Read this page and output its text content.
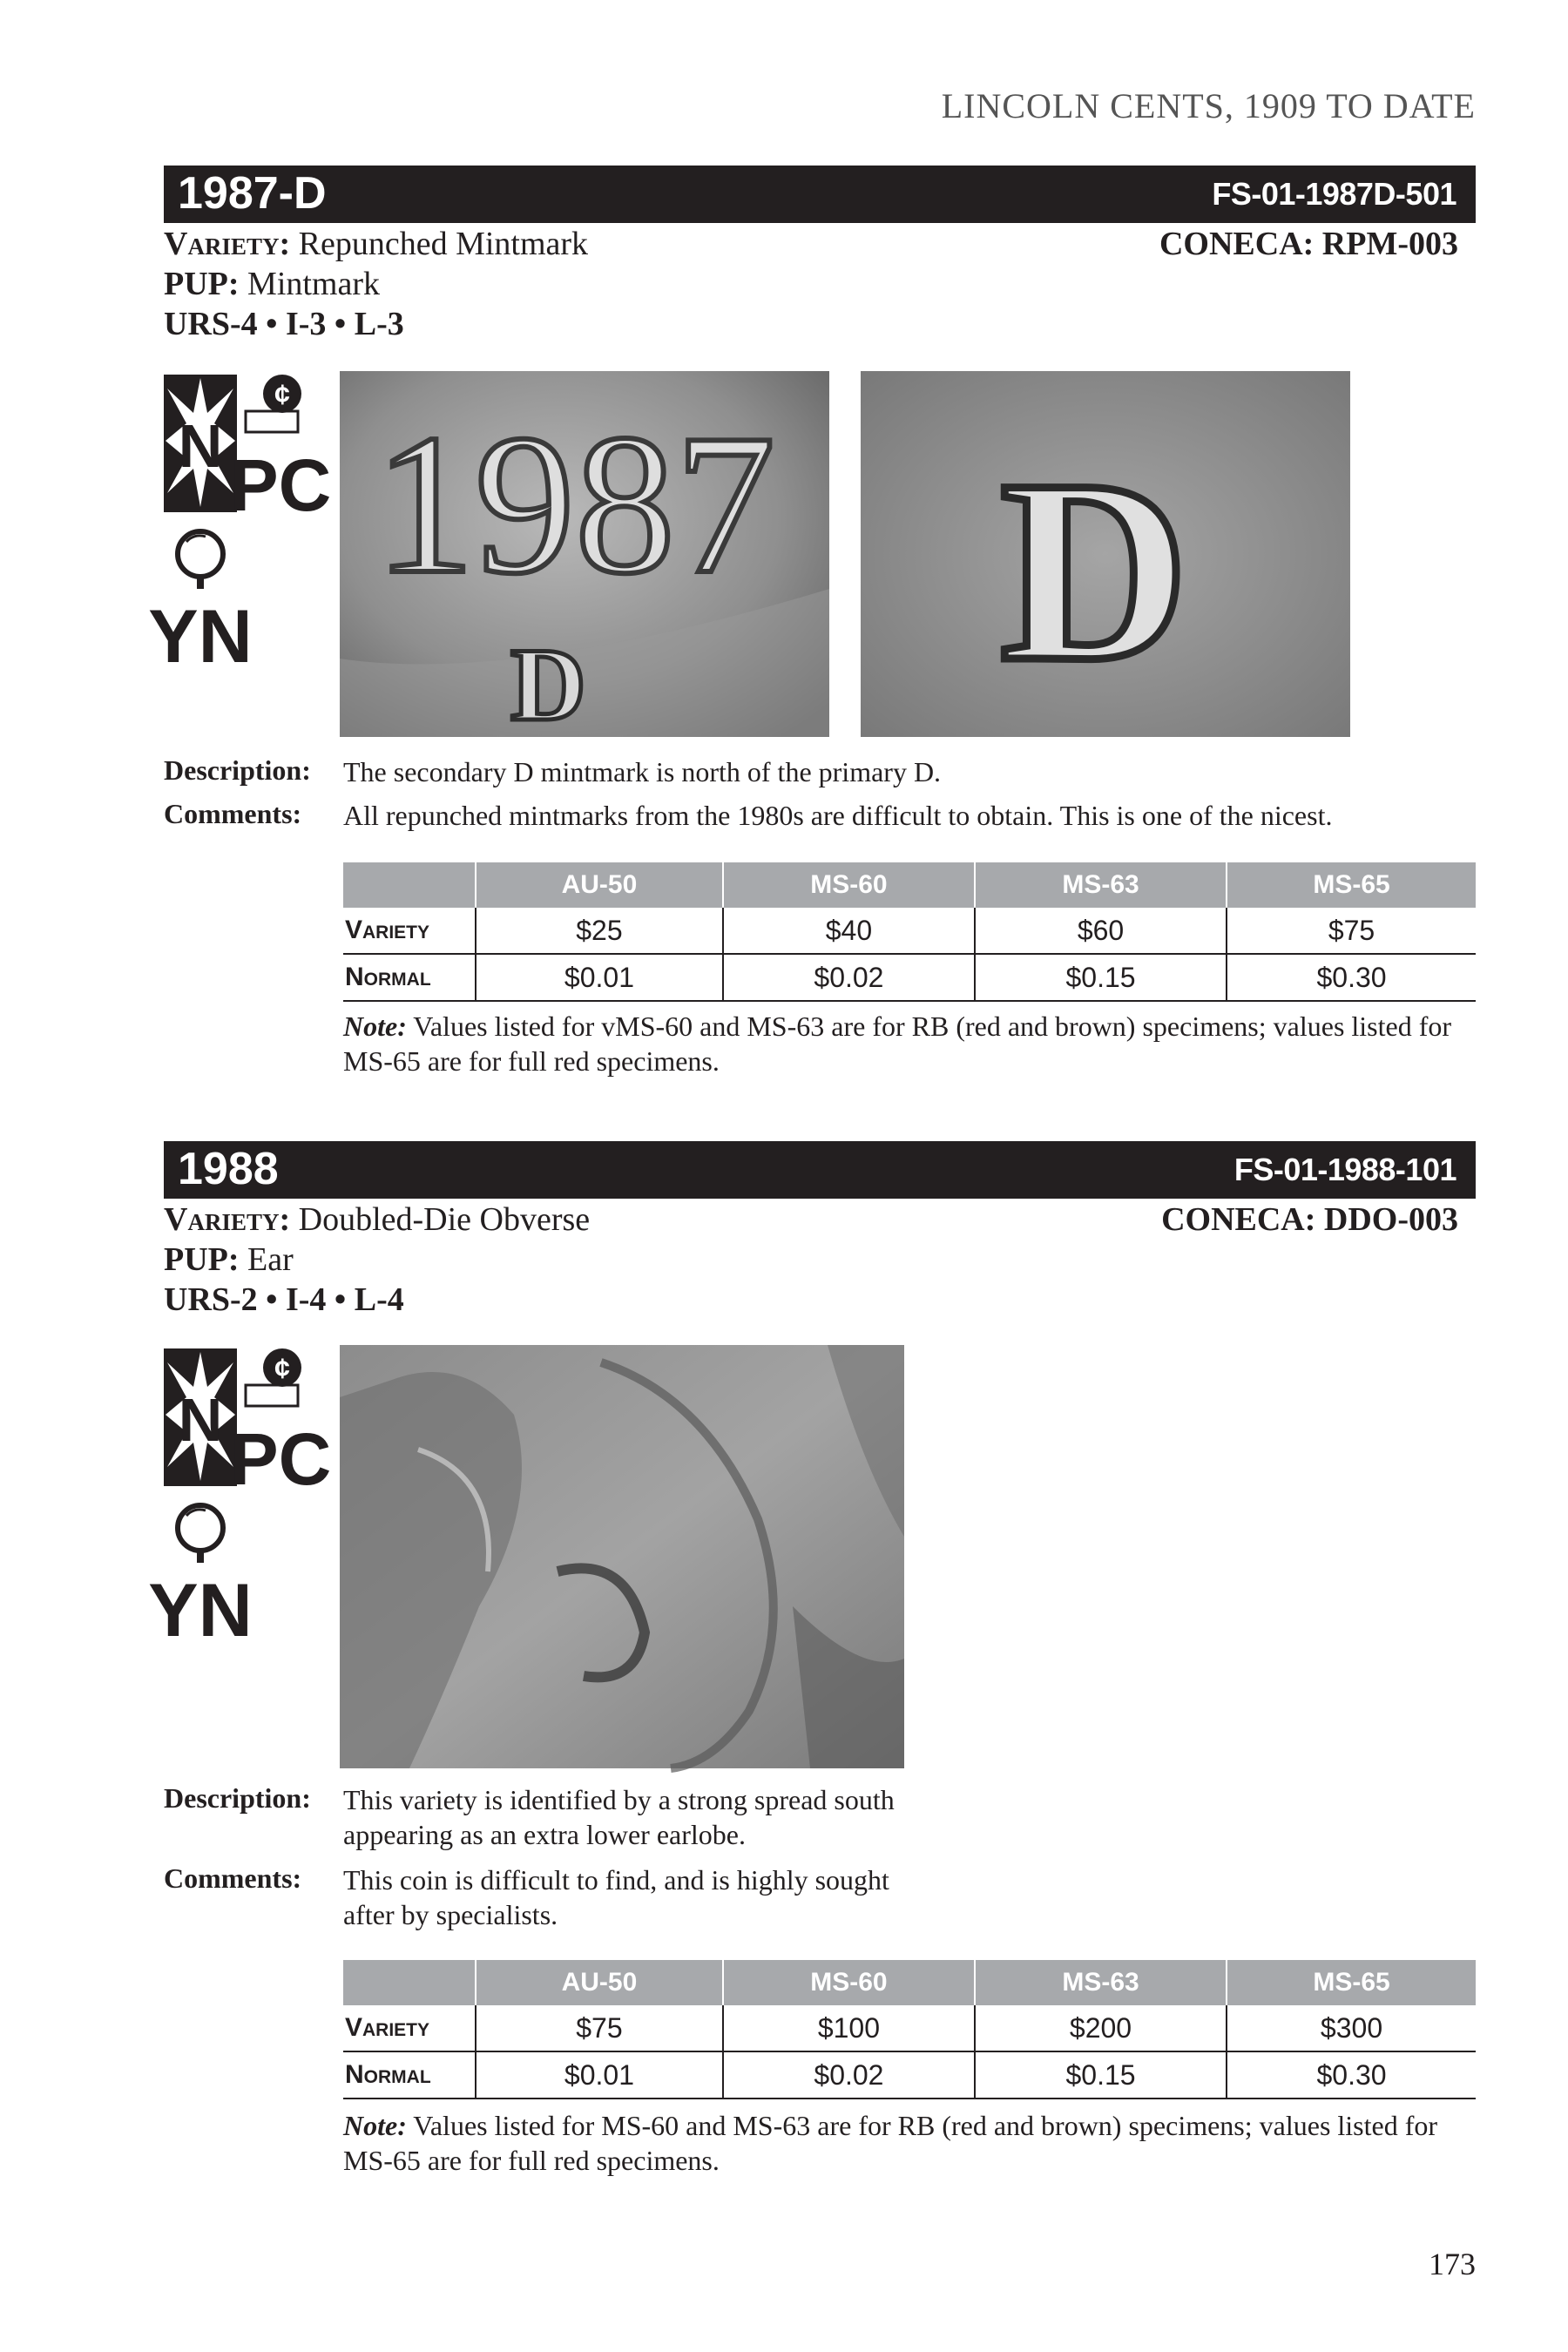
LINCOLN CENTS, 1909 TO DATE
1987-D	FS-01-1987D-501
Variety: Repunched Mintmark	CONECA: RPM-003
PUP: Mintmark
URS-4 • I-3 • L-3
N
¢
PC
YN
1987
D D
Description: The secondary D mintmark is north of the primary D.
Comments: All repunched mintmarks from the 1980s are difficult to obtain. This is one of the nicest.
	AU-50	MS-60	MS-63	MS-65
Variety	$25	$40	$60	$75
Normal	$0.01	$0.02	$0.15	$0.30
Note: Values listed for vMS-60 and MS-63 are for RB (red and brown) specimens; values listed for MS-65 are for full red specimens.
1988	FS-01-1988-101
Variety: Doubled-Die Obverse	CONECA: DDO-003
PUP: Ear
URS-2 • I-4 • L-4
N
¢
PC
YN
Description: This variety is identified by a strong spread south appearing as an extra lower earlobe.
Comments: This coin is difficult to find, and is highly sought after by specialists.
	AU-50	MS-60	MS-63	MS-65
Variety	$75	$100	$200	$300
Normal	$0.01	$0.02	$0.15	$0.30
Note: Values listed for MS-60 and MS-63 are for RB (red and brown) specimens; values listed for MS-65 are for full red specimens.
173
